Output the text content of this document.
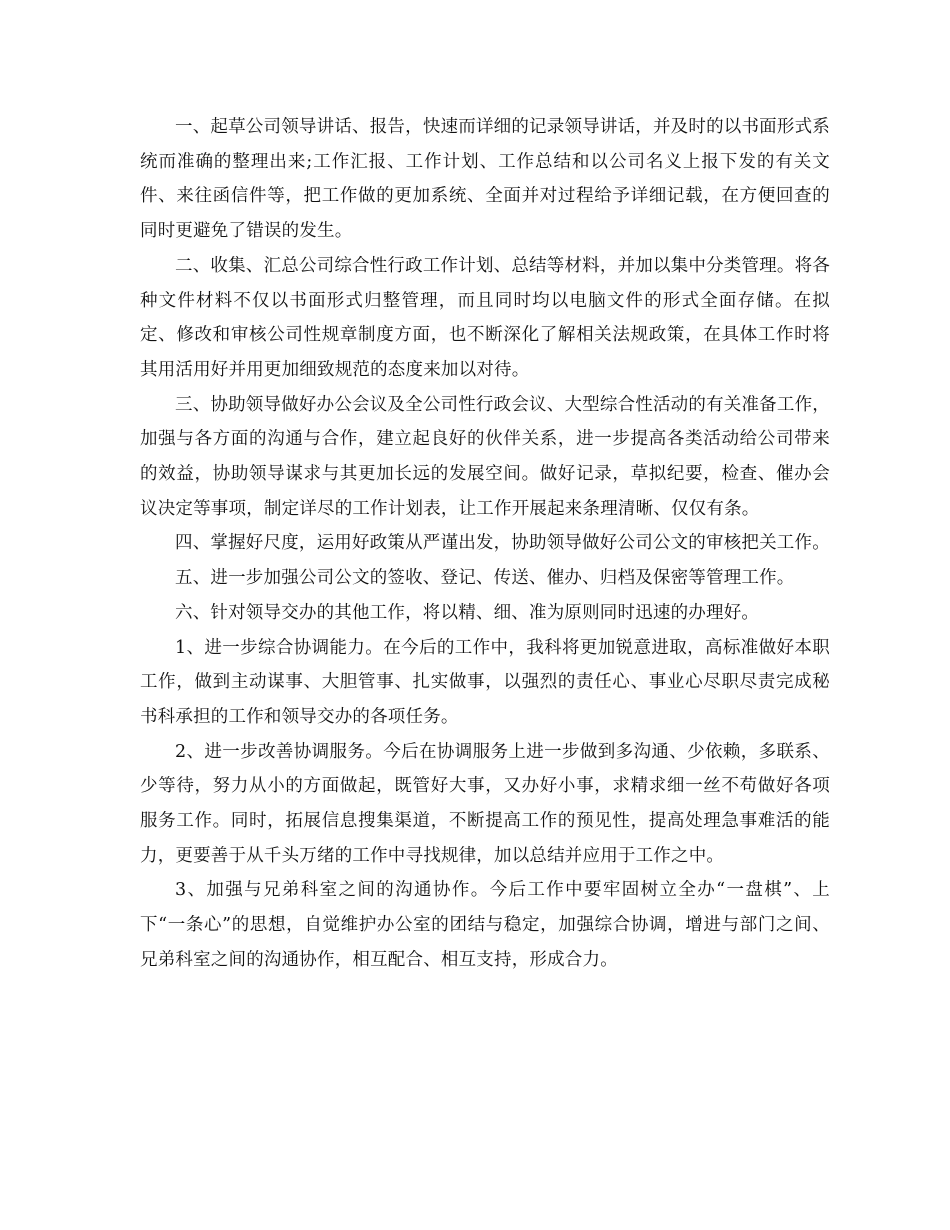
一、起草公司领导讲话、报告，快速而详细的记录领导讲话，并及时的以书面形式系统而准确的整理出来;工作汇报、工作计划、工作总结和以公司名义上报下发的有关文件、来往函信件等，把工作做的更加系统、全面并对过程给予详细记载，在方便回查的同时更避免了错误的发生。

二、收集、汇总公司综合性行政工作计划、总结等材料，并加以集中分类管理。将各种文件材料不仅以书面形式归整管理，而且同时均以电脑文件的形式全面存储。在拟定、修改和审核公司性规章制度方面，也不断深化了解相关法规政策，在具体工作时将其用活用好并用更加细致规范的态度来加以对待。

三、协助领导做好办公会议及全公司性行政会议、大型综合性活动的有关准备工作，加强与各方面的沟通与合作，建立起良好的伙伴关系，进一步提高各类活动给公司带来的效益，协助领导谋求与其更加长远的发展空间。做好记录，草拟纪要，检查、催办会议决定等事项，制定详尽的工作计划表，让工作开展起来条理清晰、仅仅有条。

四、掌握好尺度，运用好政策从严谨出发，协助领导做好公司公文的审核把关工作。

五、进一步加强公司公文的签收、登记、传送、催办、归档及保密等管理工作。

六、针对领导交办的其他工作，将以精、细、准为原则同时迅速的办理好。

1、进一步综合协调能力。在今后的工作中，我科将更加锐意进取，高标准做好本职工作，做到主动谋事、大胆管事、扎实做事，以强烈的责任心、事业心尽职尽责完成秘书科承担的工作和领导交办的各项任务。

2、进一步改善协调服务。今后在协调服务上进一步做到多沟通、少依赖，多联系、少等待，努力从小的方面做起，既管好大事，又办好小事，求精求细一丝不苟做好各项服务工作。同时，拓展信息搜集渠道，不断提高工作的预见性，提高处理急事难活的能力，更要善于从千头万绪的工作中寻找规律，加以总结并应用于工作之中。

3、加强与兄弟科室之间的沟通协作。今后工作中要牢固树立全办“一盘棋”、上下“一条心”的思想，自觉维护办公室的团结与稳定，加强综合协调，增进与部门之间、兄弟科室之间的沟通协作，相互配合、相互支持，形成合力。
